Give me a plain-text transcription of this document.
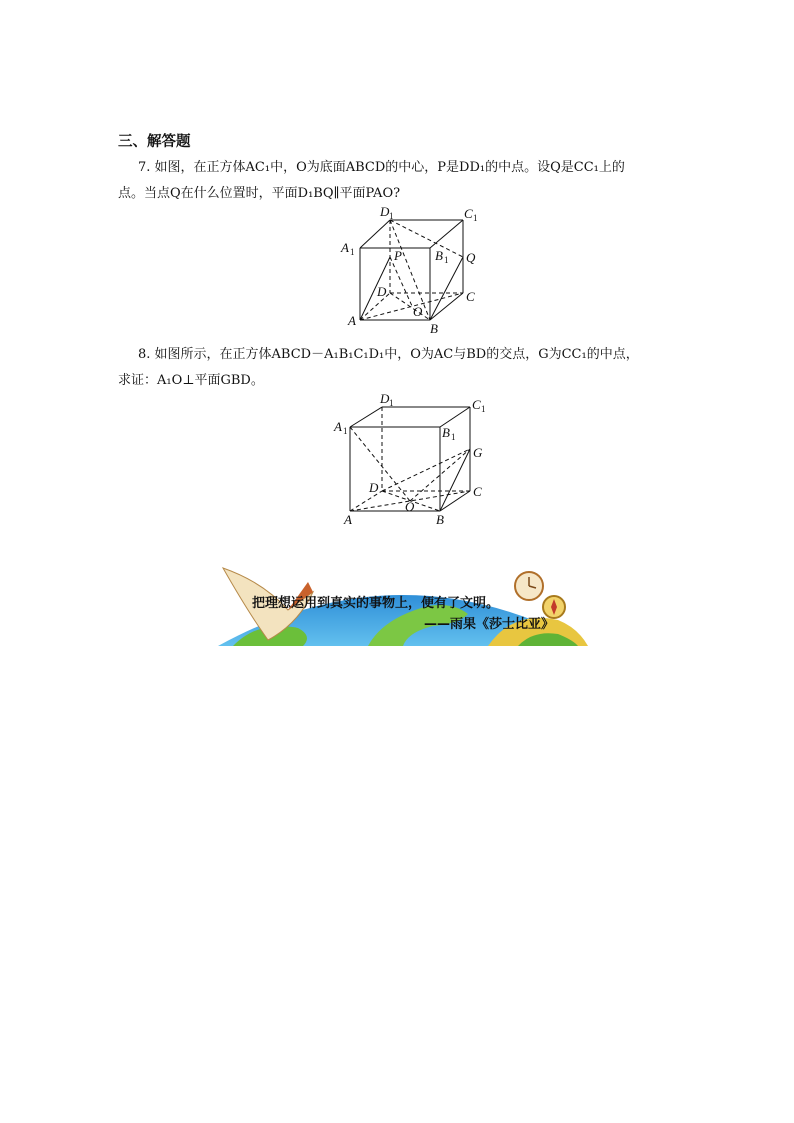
三、解答题
7. 如图，在正方体AC₁中，O为底面ABCD的中心，P是DD₁的中点。设Q是CC₁上的
点。当点Q在什么位置时，平面D₁BQ∥平面PAO?
D 1	C 1
A 1	B 1
P	Q
D	C
A
O
B
8. 如图所示，在正方体ABCD－A₁B₁C₁D₁中，O为AC与BD的交点，G为CC₁的中点，
求证：A₁O⊥平面GBD。
D 1	C 1
A 1	B 1
G
D	C
A
O
B
把理想运用到真实的事物上，便有了文明。
——雨果《莎士比亚》
